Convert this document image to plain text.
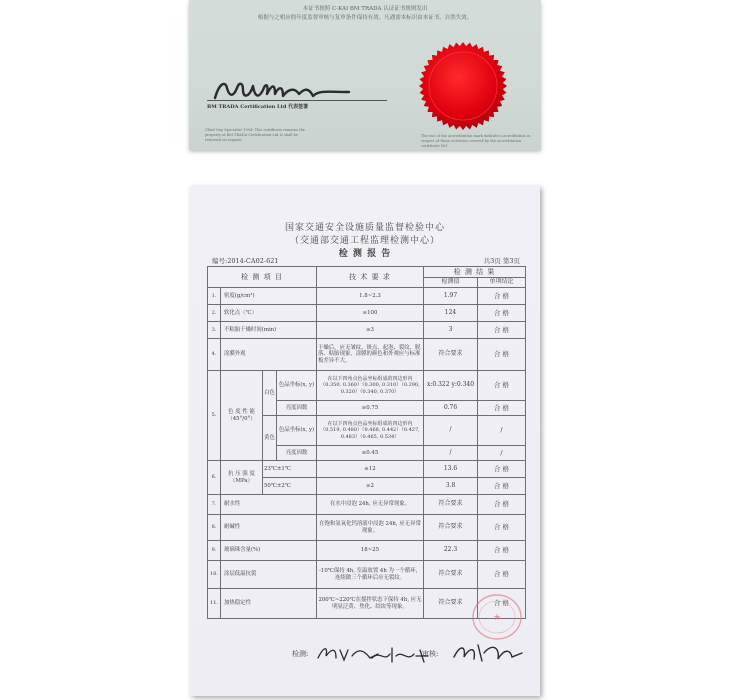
本证书按照 C-KAI BM TRADA 认证证书规则发出
根据与之相应的年度监督审核与复审条件保持有效。凡遇需本标识由本证书，自然失效。
BM TRADA Certification Ltd 代表签署
Chief Guy Specialist 1994: This certificate remains the property of BM TRADA Certification Ltd & shall be returned on request.
The use of the accreditation mark indicates accreditation in respect of those activities covered by the accreditation certificate 001
国家交通安全设施质量监督检验中心
（交通部交通工程监理检测中心）
检 测 报 告
编号:2014-CA02-621	共3页 第3页
检 测 项 目				技 术 要 求	检 测 结 果	
					检测值	单项结论
1.	密度(g/cm³)			1.8~2.3	1.97	合 格
2.	软化点（℃）			≥100	124	合 格
3.	不粘胎干燥时间(min)			≤3	3	合 格
4.	涂膜外观			干燥后，应无皱纹、斑点、起泡、裂纹、脱落、粘胎现象，涂膜的颜色和外观应与标准板差异不大。	符合要求	合 格
5.	色 度 性 能（45°/0°）	白色	色品坐标(x, y)	在以下四角点色品坐标组成的四边形内（0.350, 0.360）（0.300, 0.310）（0.290, 0.320）（0.340, 0.370）	x:0.322 y:0.340	合 格
			亮度因数	≥0.75	0.76	合 格
		黄色	色品坐标(x, y)	在以下四角点色品坐标组成的四边形内（0.519, 0.480）（0.468, 0.442）（0.427, 0.483）（0.465, 0.534）	/	/
			亮度因数	≥0.45	/	/
6.	抗 压 强 度（MPa）	23℃±1℃		≥12	13.6	合 格
		50℃±2℃		≥2	3.8	合 格
7.	耐水性			在水中浸泡 24h, 应无异常现象。	符合要求	合 格
8.	耐碱性			在饱和氢氧化钙溶液中浸泡 24h, 应无异常现象。	符合要求	合 格
9.	玻璃珠含量(%)			18~25	22.3	合 格
10.	涂层低温抗裂			-10℃保持 4h, 室温放置 4h 为一个循环，连续做三个循环后应无裂纹。	符合要求	合 格
11.	加热稳定性			200℃~220℃在搅拌状态下保持 4h, 应无明显泛黄、焦化、结块等现象。	符合要求	合 格
★
检测:	审核:
